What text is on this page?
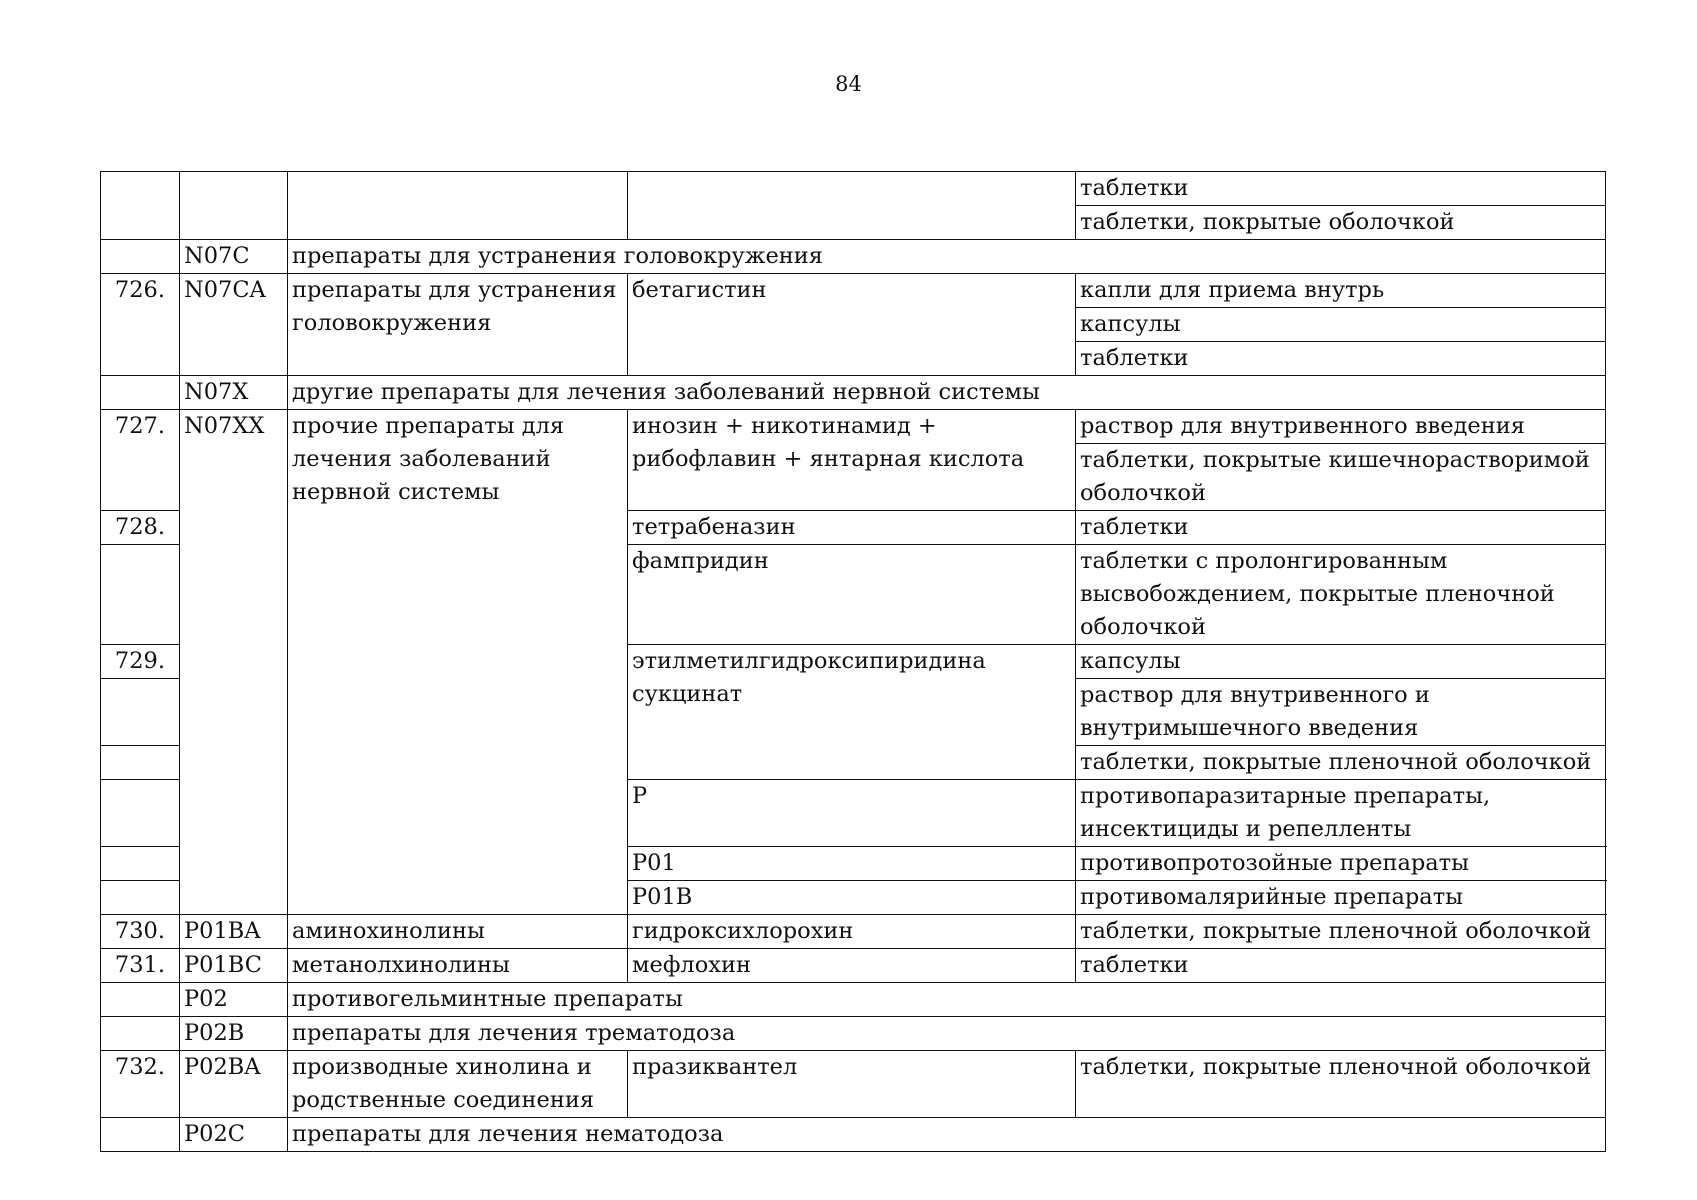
84
				таблетки
				таблетки, покрытые оболочкой
	N07C	препараты для устранения головокружения		
726.	N07CA	препараты для устранения головокружения	бетагистин	капли для приема внутрь
				капсулы
				таблетки
	N07X	другие препараты для лечения заболеваний нервной системы		
727.	N07XX	прочие препараты для лечения заболеваний нервной системы	инозин + никотинамид + рибофлавин + янтарная кислота	раствор для внутривенного введения
				таблетки, покрытые кишечнорастворимой оболочкой
728.			тетрабеназин	таблетки
			фампридин	таблетки с пролонгированным высвобождением, покрытые пленочной оболочкой
729.			этилметилгидроксипиридина сукцинат	капсулы
				раствор для внутривенного и внутримышечного введения
				таблетки, покрытые пленочной оболочкой
			P	противопаразитарные препараты, инсектициды и репелленты
			P01	противопротозойные препараты
			P01B	противомалярийные препараты
730.	P01BA	аминохинолины	гидроксихлорохин	таблетки, покрытые пленочной оболочкой
731.	P01BC	метанолхинолины	мефлохин	таблетки
	P02	противогельминтные препараты		
	P02B	препараты для лечения трематодоза		
732.	P02BA	производные хинолина и родственные соединения	празиквантел	таблетки, покрытые пленочной оболочкой
	P02C	препараты для лечения нематодоза		
